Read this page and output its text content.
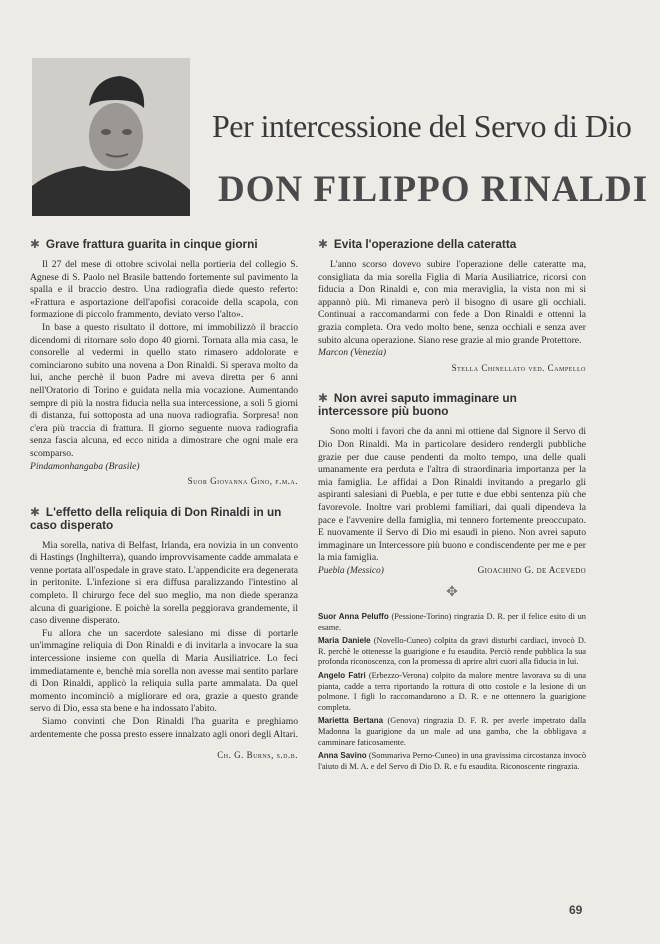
Per intercessione del Servo di Dio
DON FILIPPO RINALDI
✱ Grave frattura guarita in cinque giorni

Il 27 del mese di ottobre scivolai nella portieria del collegio S. Agnese di S. Paolo nel Brasile battendo fortemente sul pavimento la spalla e il braccio destro. Una radiografia diede questo referto: «Frattura e asportazione dell'apofisi coracoide della scapola, con formazione di piccolo frammento, deviato verso l'alto».

In base a questo risultato il dottore, mi immobilizzò il braccio dicendomi di ritornare solo dopo 40 giorni. Tornata alla mia casa, le consorelle al vedermi in quello stato rimasero addolorate e cominciarono subito una novena a Don Rinaldi. Si sperava molto da lui, anche perchè il buon Padre mi aveva diretta per 6 anni nell'Oratorio di Torino e guidata nella mia vocazione. Aumentando sempre di più la nostra fiducia nella sua intercessione, a soli 5 giorni di distanza, fui sottoposta ad una nuova radiografia. Sorpresa! non c'era più traccia di frattura. Il giorno seguente nuova radiografia senza fascia alcuna, ed ecco nitida a dimostrare che ogni male era scomparso.

Pindamonhangaba (Brasile)

Suor Giovanna Gino, f.m.a.
✱ L'effetto della reliquia di Don Rinaldi in un caso disperato

Mia sorella, nativa di Belfast, Irlanda, era novizia in un convento di Hastings (Inghilterra), quando improvvisamente cadde ammalata e venne portata all'ospedale in grave stato. L'appendicite era degenerata in peritonite. L'infezione si era diffusa paralizzando l'intestino al completo. Il chirurgo fece del suo meglio, ma non diede speranza alcuna di guarigione. E poichè la sorella peggiorava grandemente, il caso divenne disperato.

Fu allora che un sacerdote salesiano mi disse di portarle un'immagine reliquia di Don Rinaldi e di invitarla a invocare la sua intercessione insieme con quella di Maria Ausiliatrice. Lo feci immediatamente e, benchè mia sorella non avesse mai sentito parlare di Don Rinaldi, applicò la reliquia sulla parte ammalata. Da quel momento incominciò a migliorare ed ora, grazie a questo grande servo di Dio, essa sta bene e ha indossato l'abito.

Siamo convinti che Don Rinaldi l'ha guarita e preghiamo ardentemente che possa presto essere innalzato agli onori degli Altari.

Ch. G. Burns, s.d.b.
✱ Evita l'operazione della cateratta

L'anno scorso dovevo subire l'operazione delle cateratte ma, consigliata da mia sorella Figlia di Maria Ausiliatrice, ricorsi con fiducia a Don Rinaldi e, con mia meraviglia, la vista non mi si appannò più. Mi rimaneva però il bisogno di usare gli occhiali. Continuai a raccomandarmi con fede a Don Rinaldi e ottenni la grazia completa. Ora vedo molto bene, senza occhiali e senza aver subito alcuna operazione. Siano rese grazie al mio grande Protettore.

Marcon (Venezia)

Stella Chinellato ved. Campello
✱ Non avrei saputo immaginare un intercessore più buono

Sono molti i favori che da anni mi ottiene dal Signore il Servo di Dio Don Rinaldi. Ma in particolare desidero rendergli pubbliche grazie per due cause pendenti da molto tempo, una delle quali umanamente era perduta e l'altra di straordinaria importanza per la mia famiglia. Le affidai a Don Rinaldi invitando a pregarlo gli aspiranti salesiani di Puebla, e per tutte e due ebbi sentenza più che favorevole. Inoltre vari problemi familiari, dai quali dipendeva la pace e l'avvenire della famiglia, mi tennero fortemente preoccupato. E nuovamente il Servo di Dio mi esaudì in pieno. Non avrei saputo immaginare un Intercessore più buono e condiscendente per me e per la mia famiglia.

Puebla (Messico)	Gioachino G. de Acevedo
✥

Suor Anna Peluffo (Pessione-Torino) ringrazia D. R. per il felice esito di un esame.

Maria Daniele (Novello-Cuneo) colpita da gravi disturbi cardiaci, invocò D. R. perchè le ottenesse la guarigione e fu esaudita. Perciò rende pubblica la sua profonda riconoscenza, con la promessa di aprire altri cuori alla fiducia in lui.

Angelo Fatri (Erbezzo-Verona) colpito da malore mentre lavorava su di una pianta, cadde a terra riportando la rottura di otto costole e la lesione di un polmone. I figli lo raccomandarono a D. R. e ne ottennero la guarigione completa.

Marietta Bertana (Genova) ringrazia D. F. R. per averle impetrato dalla Madonna la guarigione da un male ad una gamba, che la obbligava a camminare faticosamente.

Anna Savino (Sommariva Perno-Cuneo) in una gravissima circostanza invocò l'aiuto di M. A. e del Servo di Dio D. R. e fu esaudita. Riconoscente ringrazia.

69
